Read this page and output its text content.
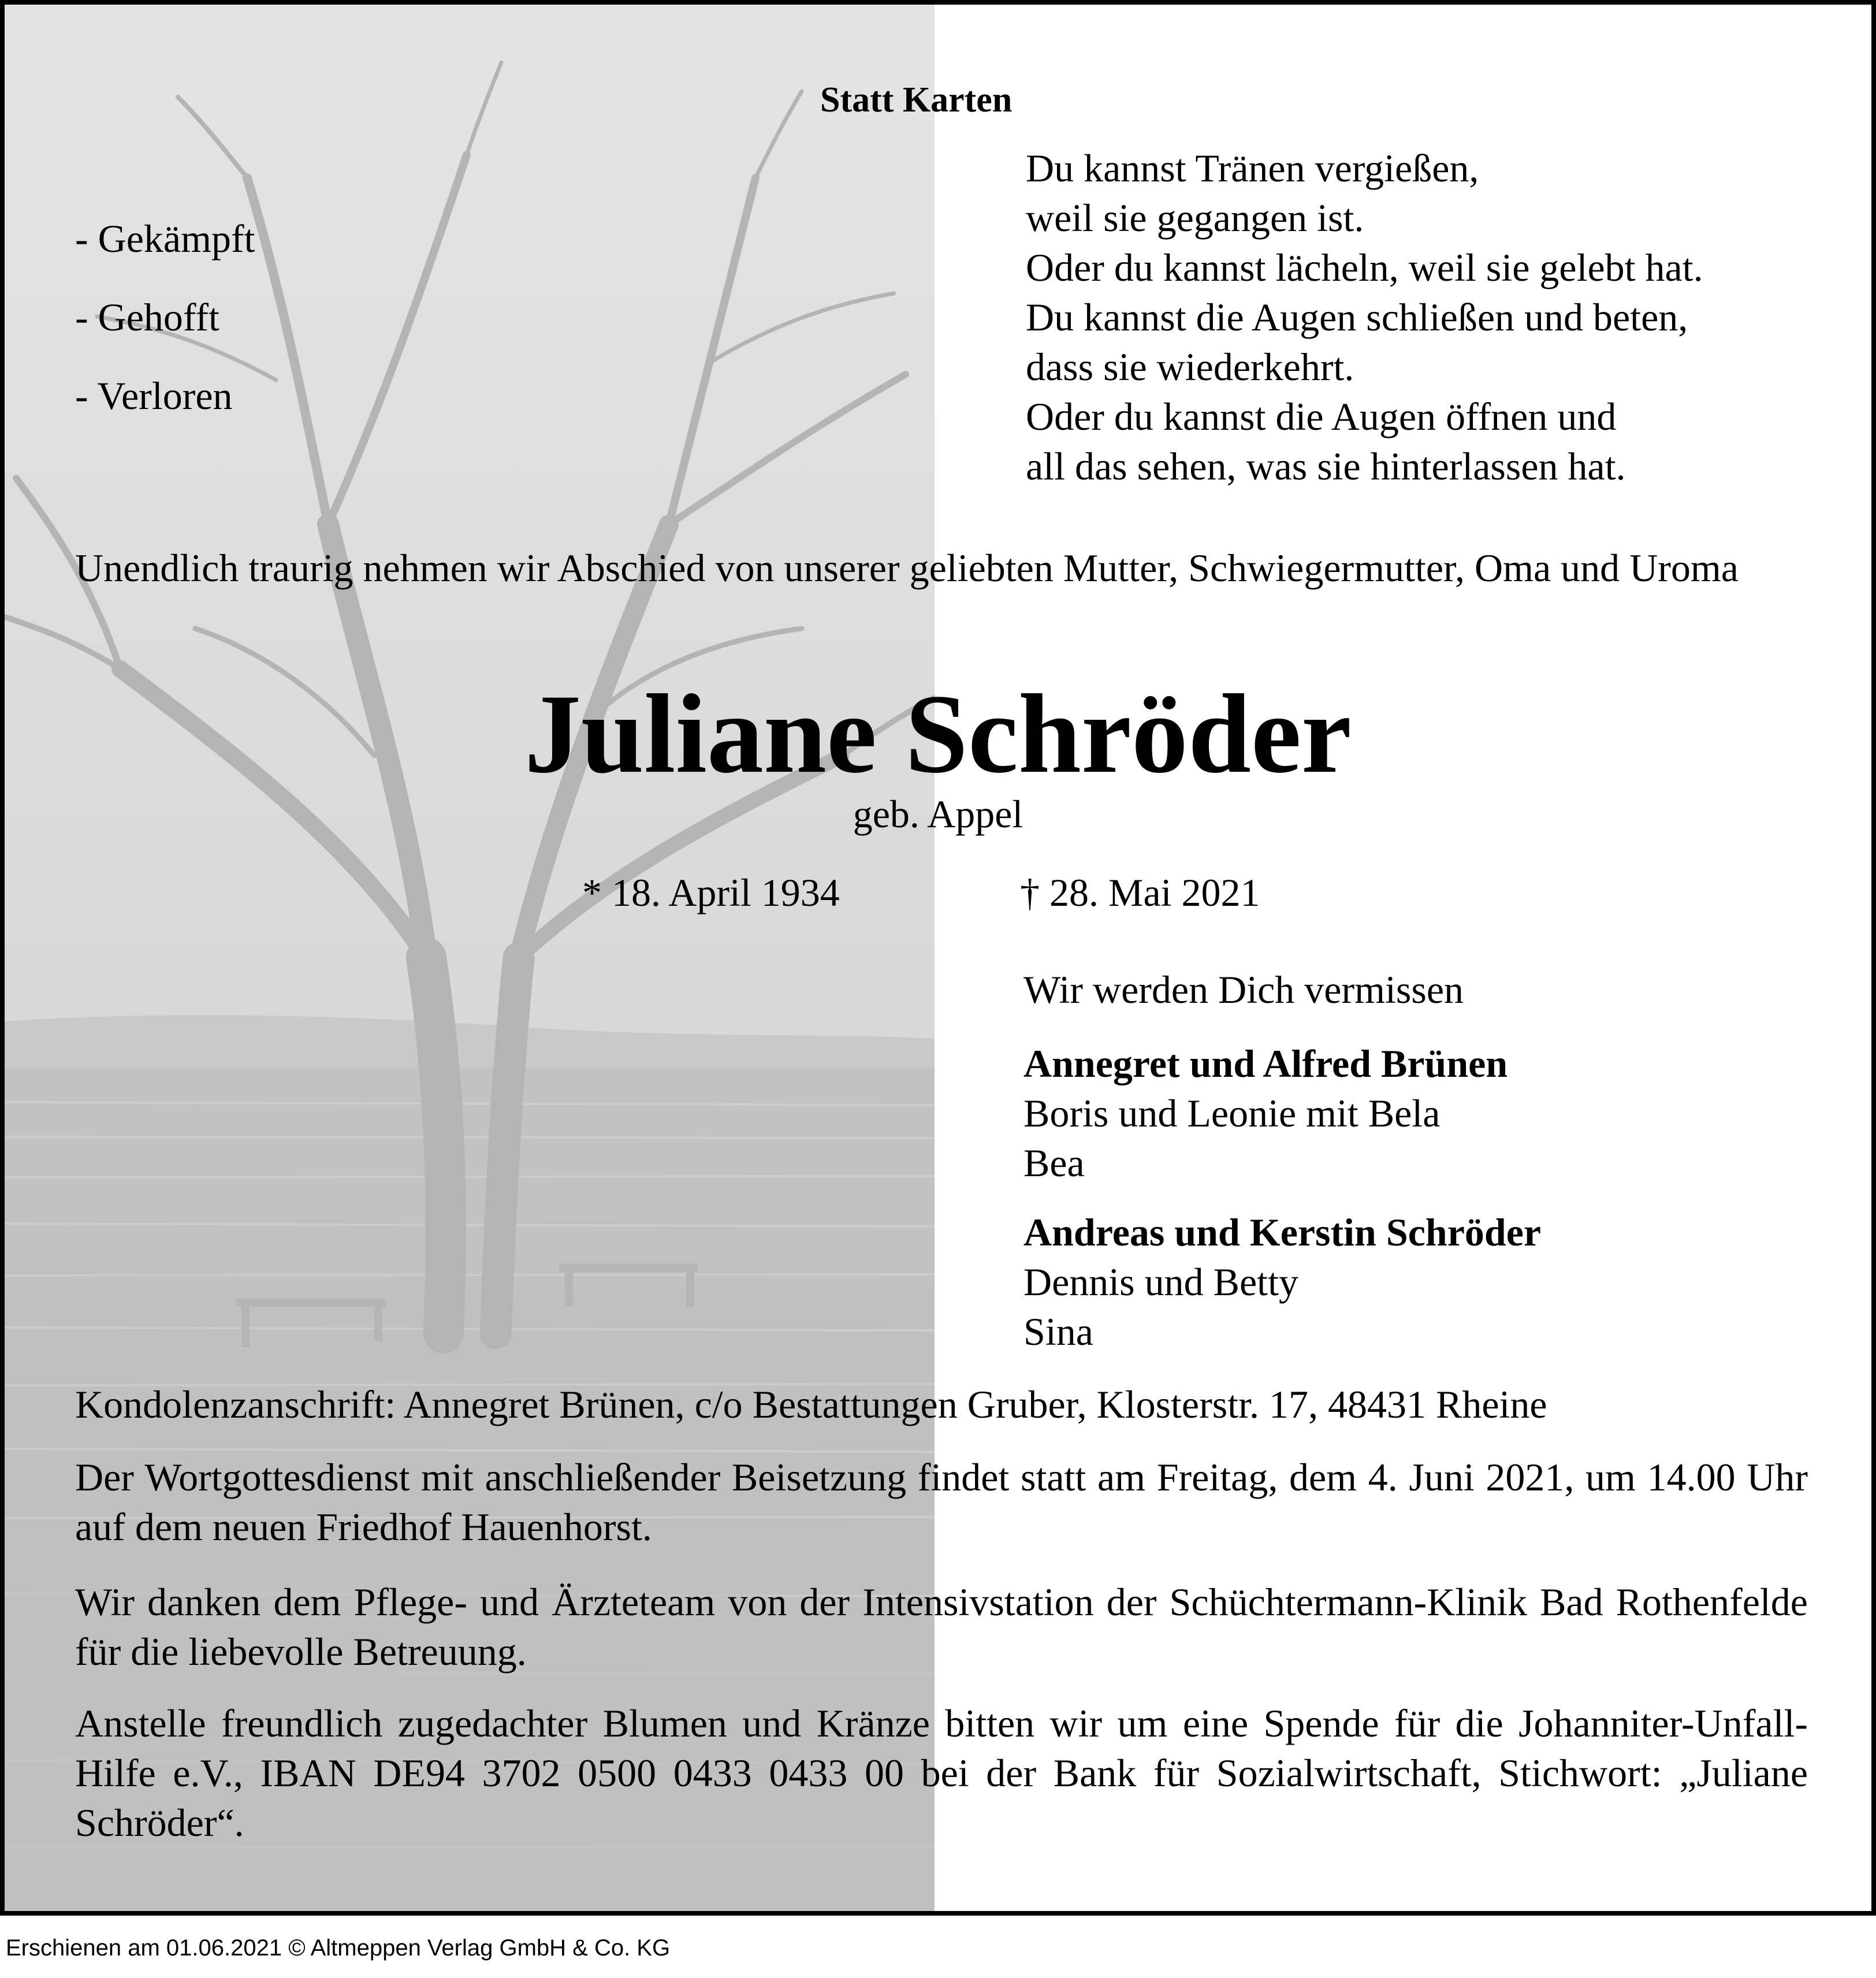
Statt Karten

- Gekämpft

- Gehofft

- Verloren

Du kannst Tränen vergießen,

weil sie gegangen ist.

Oder du kannst lächeln, weil sie gelebt hat.

Du kannst die Augen schließen und beten,

dass sie wiederkehrt.

Oder du kannst die Augen öffnen und

all das sehen, was sie hinterlassen hat.

Unendlich traurig nehmen wir Abschied von unserer geliebten Mutter, Schwiegermutter, Oma und Uroma

Juliane Schröder

geb. Appel

* 18. April 1934	† 28. Mai 2021

Wir werden Dich vermissen

Annegret und Alfred Brünen

Boris und Leonie mit Bela

Bea

Andreas und Kerstin Schröder

Dennis und Betty

Sina

Kondolenzanschrift: Annegret Brünen, c/o Bestattungen Gruber, Klosterstr. 17, 48431 Rheine

Der Wortgottesdienst mit anschließender Beisetzung findet statt am Freitag, dem 4. Juni 2021, um 14.00 Uhr auf dem neuen Friedhof Hauenhorst.

Wir danken dem Pflege- und Ärzteteam von der Intensivstation der Schüchtermann-Klinik Bad Rothenfelde für die liebevolle Betreuung.

Anstelle freundlich zugedachter Blumen und Kränze bitten wir um eine Spende für die Johanniter-Unfall-Hilfe e.V., IBAN DE94 3702 0500 0433 0433 00 bei der Bank für Sozialwirtschaft, Stichwort: „Juliane Schröder“.

Erschienen am 01.06.2021 © Altmeppen Verlag GmbH & Co. KG
